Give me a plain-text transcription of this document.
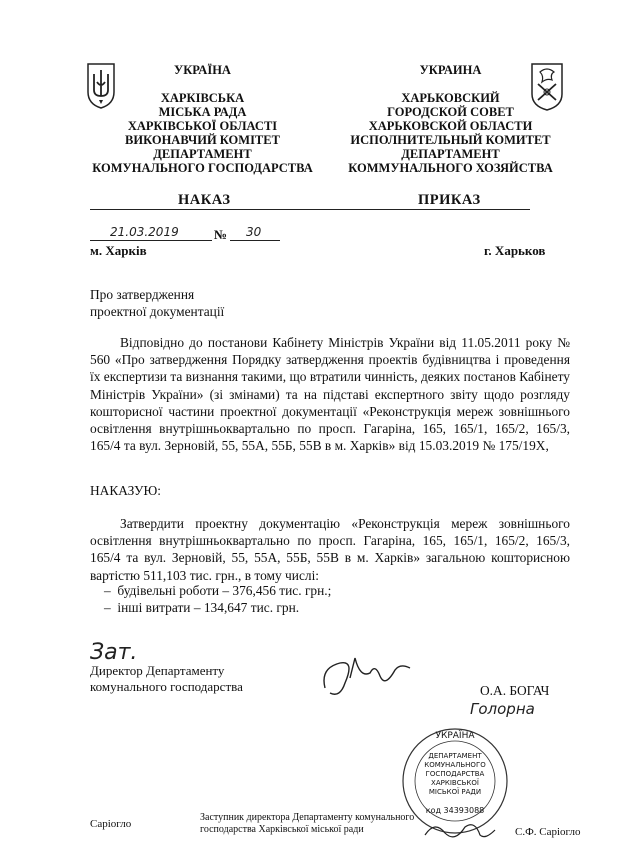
УКРАЇНА
ХАРКІВСЬКА
МІСЬКА РАДА
ХАРКІВСЬКОЇ ОБЛАСТІ
ВИКОНАВЧИЙ КОМІТЕТ
ДЕПАРТАМЕНТ
КОМУНАЛЬНОГО ГОСПОДАРСТВА
УКРАИНА
ХАРЬКОВСКИЙ
ГОРОДСКОЙ СОВЕТ
ХАРЬКОВСКОЙ ОБЛАСТИ
ИСПОЛНИТЕЛЬНЫЙ КОМИТЕТ
ДЕПАРТАМЕНТ
КОММУНАЛЬНОГО ХОЗЯЙСТВА
НАКАЗ	ПРИКАЗ
21.03.2019	№ 30
м. Харків	г. Харьков
Про затвердження
проектної документації
Відповідно до постанови Кабінету Міністрів України від 11.05.2011 року № 560 «Про затвердження Порядку затвердження проектів будівництва і проведення їх експертизи та визнання такими, що втратили чинність, деяких постанов Кабінету Міністрів України» (зі змінами) та на підставі експертного звіту щодо розгляду кошторисної частини проектної документації «Реконструкція мереж зовнішнього освітлення внутрішньоквартально по просп. Гагаріна, 165, 165/1, 165/2, 165/3, 165/4 та вул. Зерновій, 55, 55А, 55Б, 55В в м. Харків» від 15.03.2019 № 175/19Х,
НАКАЗУЮ:
Затвердити проектну документацію «Реконструкція мереж зовнішнього освітлення внутрішньоквартально по просп. Гагаріна, 165, 165/1, 165/2, 165/3, 165/4 та вул. Зерновій, 55, 55А, 55Б, 55В в м. Харків» загальною кошторисною вартістю 511,103 тис. грн., в тому числі:
–  будівельні роботи – 376,456 тис. грн.;
–  інші витрати – 134,647 тис. грн.
Зат.
Директор Департаменту
комунального господарства	О.А. БОГАЧ
Голорна
УКРАЇНА
ДЕПАРТАМЕНТ
КОМУНАЛЬНОГО
ГОСПОДАРСТВА
ХАРКІВСЬКОЇ
МІСЬКОЇ РАДИ
код 34393088
Саріогло
Заступник директора Департаменту комунального
господарства Харківської міської ради	С.Ф. Саріогло
